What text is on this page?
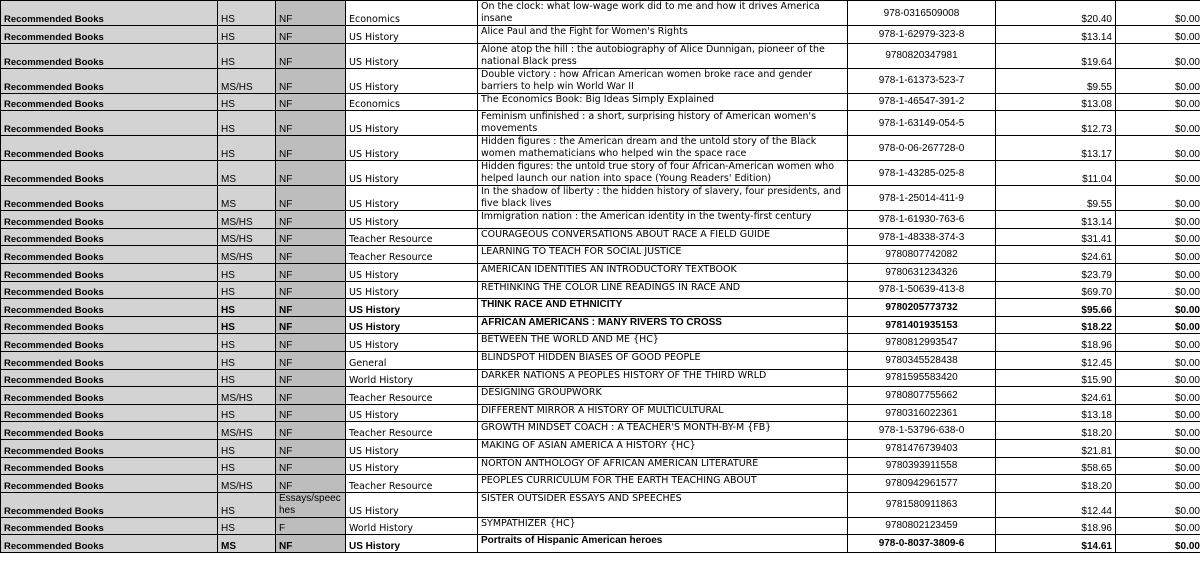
Recommended Books	HS	NF	Economics	On the clock: what low-wage work did to me and how it drives America insane	978-0316509008	$20.40	$0.00
Recommended Books	HS	NF	US History	Alice Paul and the Fight for Women's Rights	978-1-62979-323-8	$13.14	$0.00
Recommended Books	HS	NF	US History	Alone atop the hill : the autobiography of Alice Dunnigan, pioneer of the national Black press	9780820347981	$19.64	$0.00
Recommended Books	MS/HS	NF	US History	Double victory : how African American women broke race and gender barriers to help win World War II	978-1-61373-523-7	$9.55	$0.00
Recommended Books	HS	NF	Economics	The Economics Book: Big Ideas Simply Explained	978-1-46547-391-2	$13.08	$0.00
Recommended Books	HS	NF	US History	Feminism unfinished : a short, surprising history of American women's movements	978-1-63149-054-5	$12.73	$0.00
Recommended Books	HS	NF	US History	Hidden figures : the American dream and the untold story of the Black women mathematicians who helped win the space race	978-0-06-267728-0	$13.17	$0.00
Recommended Books	MS	NF	US History	Hidden figures: the untold true story of four African-American women who helped launch our nation into space (Young Readers' Edition)	978-1-43285-025-8	$11.04	$0.00
Recommended Books	MS	NF	US History	In the shadow of liberty : the hidden history of slavery, four presidents, and five black lives	978-1-25014-411-9	$9.55	$0.00
Recommended Books	MS/HS	NF	US History	Immigration nation : the American identity in the twenty-first century	978-1-61930-763-6	$13.14	$0.00
Recommended Books	MS/HS	NF	Teacher Resource	COURAGEOUS CONVERSATIONS ABOUT RACE A FIELD GUIDE	978-1-48338-374-3	$31.41	$0.00
Recommended Books	MS/HS	NF	Teacher Resource	LEARNING TO TEACH FOR SOCIAL JUSTICE	9780807742082	$24.61	$0.00
Recommended Books	HS	NF	US History	AMERICAN IDENTITIES AN INTRODUCTORY TEXTBOOK	9780631234326	$23.79	$0.00
Recommended Books	HS	NF	US History	RETHINKING THE COLOR LINE READINGS IN RACE AND	978-1-50639-413-8	$69.70	$0.00
Recommended Books	HS	NF	US History	THINK RACE AND ETHNICITY	9780205773732	$95.66	$0.00
Recommended Books	HS	NF	US History	AFRICAN AMERICANS : MANY RIVERS TO CROSS	9781401935153	$18.22	$0.00
Recommended Books	HS	NF	US History	BETWEEN THE WORLD AND ME {HC}	9780812993547	$18.96	$0.00
Recommended Books	HS	NF	General	BLINDSPOT HIDDEN BIASES OF GOOD PEOPLE	9780345528438	$12.45	$0.00
Recommended Books	HS	NF	World History	DARKER NATIONS A PEOPLES HISTORY OF THE THIRD WRLD	9781595583420	$15.90	$0.00
Recommended Books	MS/HS	NF	Teacher Resource	DESIGNING GROUPWORK	9780807755662	$24.61	$0.00
Recommended Books	HS	NF	US History	DIFFERENT MIRROR A HISTORY OF MULTICULTURAL	9780316022361	$13.18	$0.00
Recommended Books	MS/HS	NF	Teacher Resource	GROWTH MINDSET COACH : A TEACHER'S MONTH-BY-M {FB}	978-1-53796-638-0	$18.20	$0.00
Recommended Books	HS	NF	US History	MAKING OF ASIAN AMERICA A HISTORY {HC}	9781476739403	$21.81	$0.00
Recommended Books	HS	NF	US History	NORTON ANTHOLOGY OF AFRICAN AMERICAN LITERATURE	9780393911558	$58.65	$0.00
Recommended Books	MS/HS	NF	Teacher Resource	PEOPLES CURRICULUM FOR THE EARTH TEACHING ABOUT	9780942961577	$18.20	$0.00
Recommended Books	HS	Essays/speeches	US History	SISTER OUTSIDER ESSAYS AND SPEECHES	9781580911863	$12.44	$0.00
Recommended Books	HS	F	World History	SYMPATHIZER {HC}	9780802123459	$18.96	$0.00
Recommended Books	MS	NF	US History	Portraits of Hispanic American heroes	978-0-8037-3809-6	$14.61	$0.00
